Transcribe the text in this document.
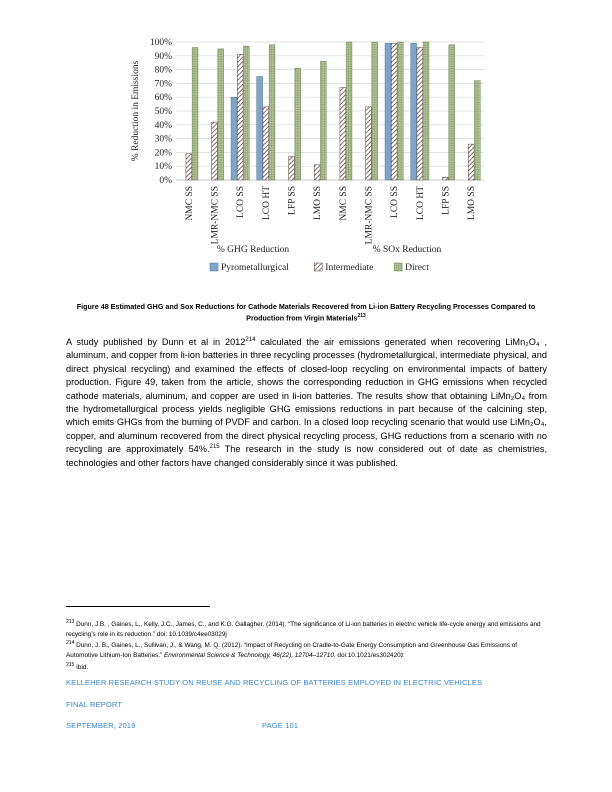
0%
10%
20%
30%
40%
50%
60%
70%
80%
90%
100%
% Reduction in Emissions
NMC SS LMR-NMC SS LCO SS LCO HT LFP SS LMO SS NMC SS LMR-NMC SS LCO SS LCO HT LFP SS LMO SS
% GHG Reduction	% SOx Reduction
Pyrometallurgical	Intermediate	Direct
Figure 48 Estimated GHG and Sox Reductions for Cathode Materials Recovered from Li-ion Battery Recycling Processes Compared to Production from Virgin Materials$^{213}$
A study published by Dunn et al in 2012$^{214}$ calculated the air emissions generated when recovering LiMn₂O₄ , aluminum, and copper from li-ion batteries in three recycling processes (hydrometallurgical, intermediate physical, and direct physical recycling) and examined the effects of closed-loop recycling on environmental impacts of battery production. Figure 49, taken from the article, shows the corresponding reduction in GHG emissions when recycled cathode materials, aluminum, and copper are used in li-ion batteries. The results show that obtaining LiMn₂O₄ from the hydrometallurgical process yields negligible GHG emissions reductions in part because of the calcining step, which emits GHGs from the burning of PVDF and carbon. In a closed loop recycling scenario that would use LiMn₂O₄, copper, and aluminum recovered from the direct physical recycling process, GHG reductions from a scenario with no recycling are approximately 54%.$^{215}$ The research in the study is now considered out of date as chemistries, technologies and other factors have changed considerably since it was published.

$^{213}$ Dunn, J.B. , Gaines, L., Kelly, J.C., James, C., and K.G. Gallagher. (2014). “The significance of Li-ion batteries in electric vehicle life-cycle energy and emissions and recycling’s role in its reduction.” doi: 10.1039/c4ee03029j

$^{214}$ Dunn, J. B., Gaines, L., Sullivan, J., & Wang, M. Q. (2012). “Impact of Recycling on Cradle-to-Gate Energy Consumption and Greenhouse Gas Emissions of Automotive Lithium-Ion Batteries.” Environmental Science & Technology, 46(22), 12704–12710. doi:10.1021/es302420z

$^{215}$ Ibid.

KELLEHER RESEARCH STUDY ON REUSE AND RECYCLING OF BATTERIES EMPLOYED IN ELECTRIC VEHICLES
FINAL REPORT
SEPTEMBER, 2019	PAGE 101
